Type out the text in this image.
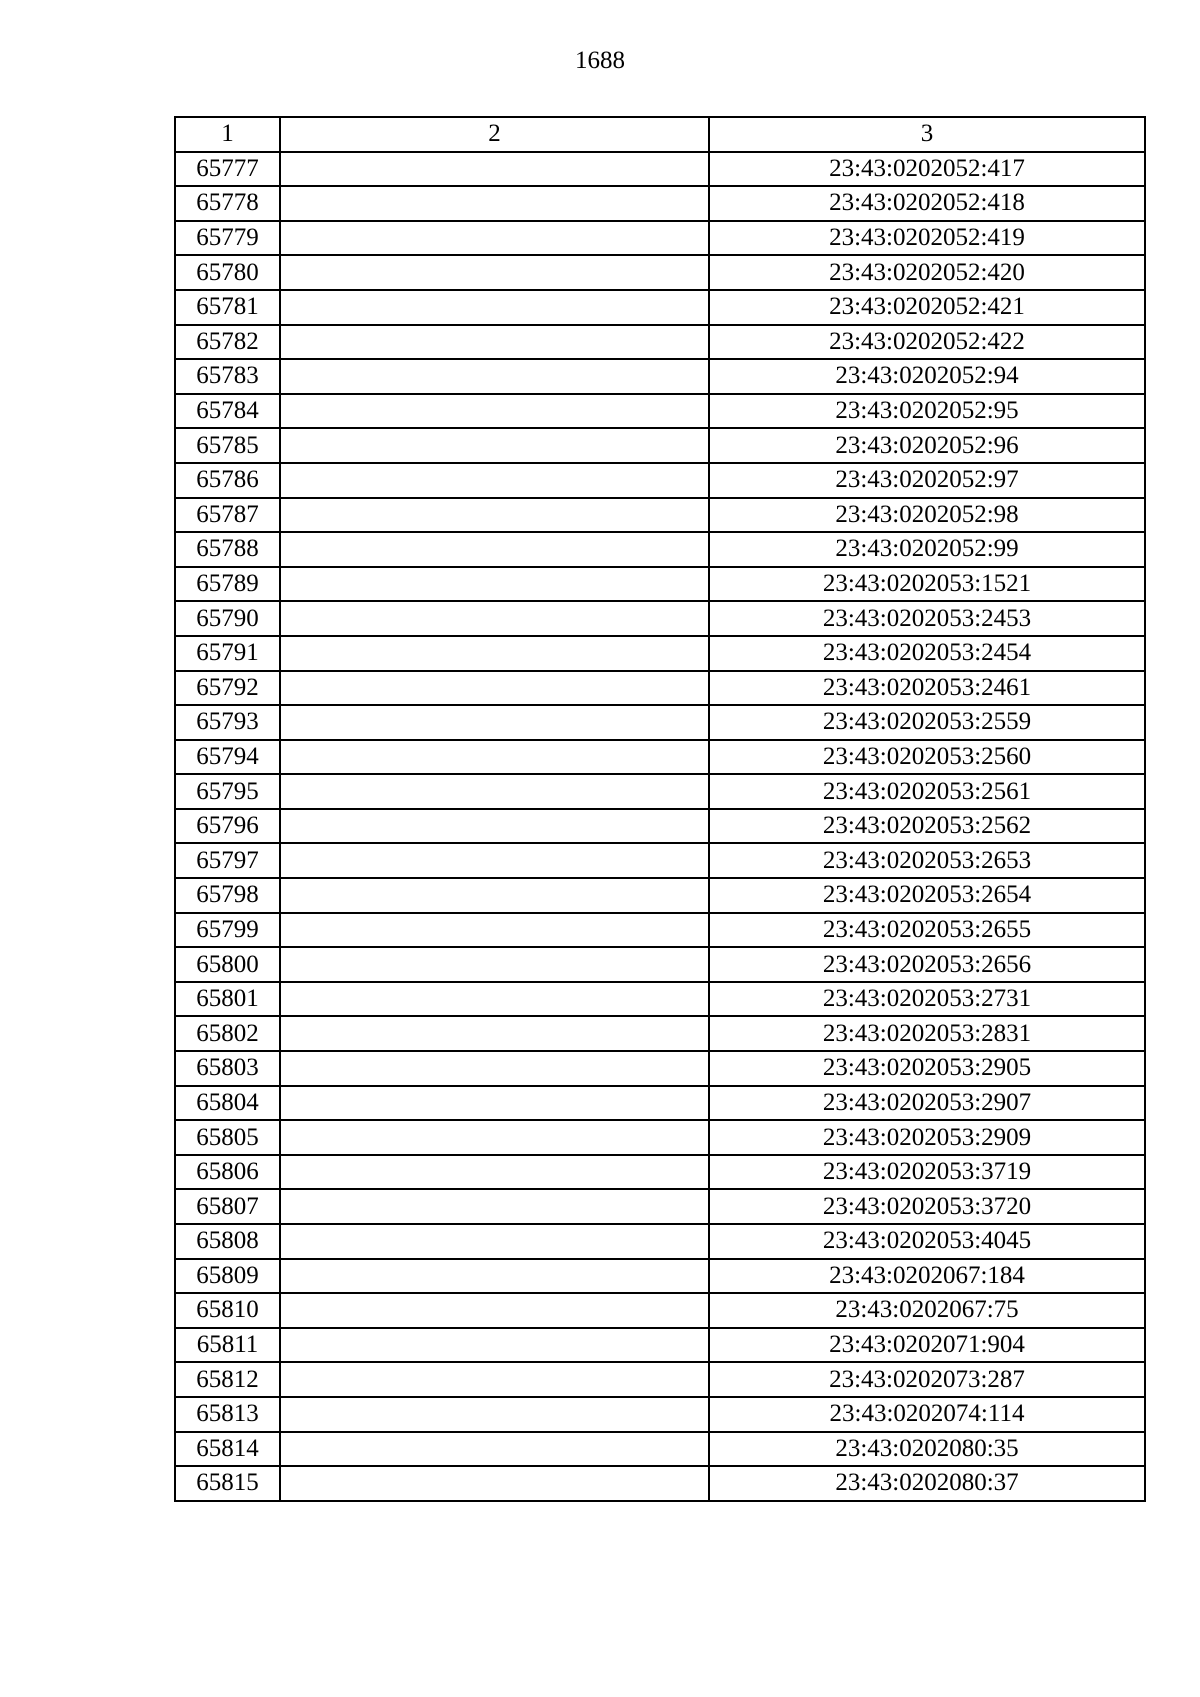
1688
1	2	3
65777		23:43:0202052:417
65778		23:43:0202052:418
65779		23:43:0202052:419
65780		23:43:0202052:420
65781		23:43:0202052:421
65782		23:43:0202052:422
65783		23:43:0202052:94
65784		23:43:0202052:95
65785		23:43:0202052:96
65786		23:43:0202052:97
65787		23:43:0202052:98
65788		23:43:0202052:99
65789		23:43:0202053:1521
65790		23:43:0202053:2453
65791		23:43:0202053:2454
65792		23:43:0202053:2461
65793		23:43:0202053:2559
65794		23:43:0202053:2560
65795		23:43:0202053:2561
65796		23:43:0202053:2562
65797		23:43:0202053:2653
65798		23:43:0202053:2654
65799		23:43:0202053:2655
65800		23:43:0202053:2656
65801		23:43:0202053:2731
65802		23:43:0202053:2831
65803		23:43:0202053:2905
65804		23:43:0202053:2907
65805		23:43:0202053:2909
65806		23:43:0202053:3719
65807		23:43:0202053:3720
65808		23:43:0202053:4045
65809		23:43:0202067:184
65810		23:43:0202067:75
65811		23:43:0202071:904
65812		23:43:0202073:287
65813		23:43:0202074:114
65814		23:43:0202080:35
65815		23:43:0202080:37
